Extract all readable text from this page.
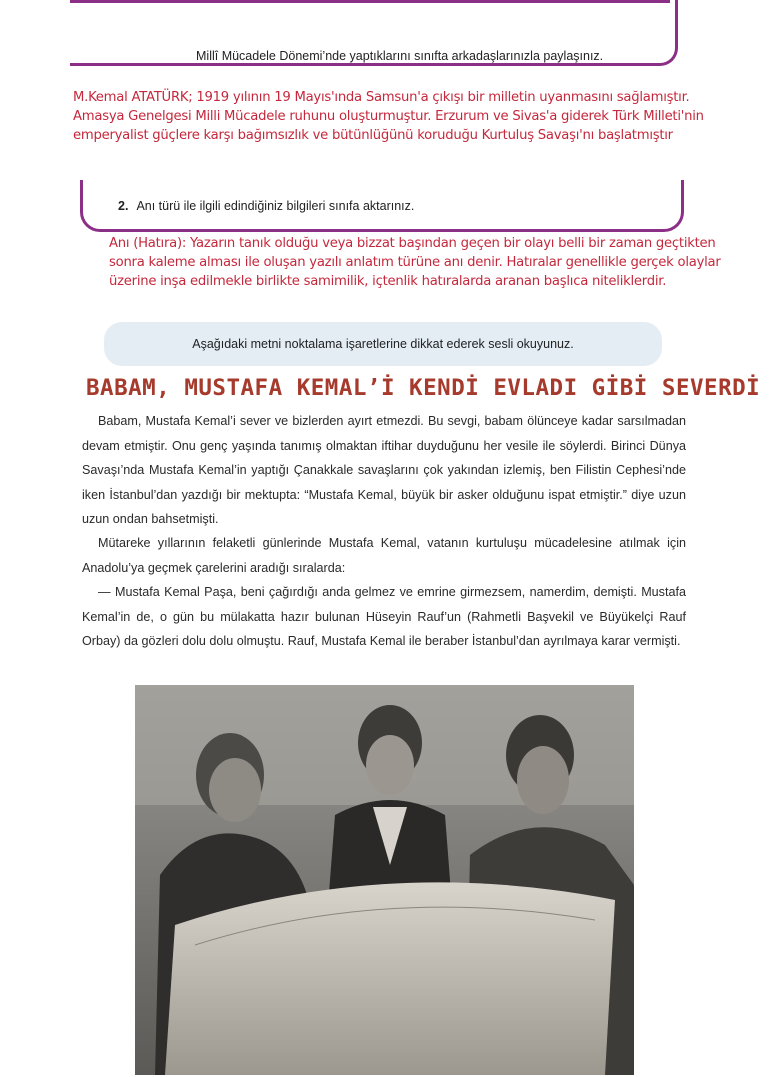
Millî Mücadele Dönemi’nde yaptıklarını sınıfta arkadaşlarınızla paylaşınız.
M.Kemal ATATÜRK; 1919 yılının 19 Mayıs'ında Samsun'a çıkışı bir milletin uyanmasını sağlamıştır. Amasya Genelgesi Milli Mücadele ruhunu oluşturmuştur. Erzurum ve Sivas'a giderek Türk Milleti'nin emperyalist güçlere karşı bağımsızlık ve bütünlüğünü koruduğu Kurtuluş Savaşı'nı başlatmıştır
2. Anı türü ile ilgili edindiğiniz bilgileri sınıfa aktarınız.
Anı (Hatıra): Yazarın tanık olduğu veya bizzat başından geçen bir olayı belli bir zaman geçtikten sonra kaleme alması ile oluşan yazılı anlatım türüne anı denir. Hatıralar genellikle gerçek olaylar üzerine inşa edilmekle birlikte samimilik, içtenlik hatıralarda aranan başlıca niteliklerdir.
Aşağıdaki metni noktalama işaretlerine dikkat ederek sesli okuyunuz.
BABAM, MUSTAFA KEMAL’İ KENDİ EVLADI GİBİ SEVERDİ
Babam, Mustafa Kemal’i sever ve bizlerden ayırt etmezdi. Bu sevgi, babam ölünceye kadar sarsılmadan devam etmiştir. Onu genç yaşında tanımış olmaktan iftihar duyduğunu her vesile ile söylerdi. Birinci Dünya Savaşı’nda Mustafa Kemal’in yaptığı Çanakkale savaşlarını çok yakından izlemiş, ben Filistin Cephesi’nde iken İstanbul’dan yazdığı bir mektupta: “Mustafa Kemal, büyük bir asker olduğunu ispat etmiştir.” diye uzun uzun ondan bahsetmişti.
Mütareke yıllarının felaketli günlerinde Mustafa Kemal, vatanın kurtuluşu mücadelesine atılmak için Anadolu’ya geçmek çarelerini aradığı sıralarda:
— Mustafa Kemal Paşa, beni çağırdığı anda gelmez ve emrine girmezsem, namerdim, demişti. Mustafa Kemal’in de, o gün bu mülakatta hazır bulunan Hüseyin Rauf’un (Rahmetli Başvekil ve Büyükelçi Rauf Orbay) da gözleri dolu dolu olmuştu. Rauf, Mustafa Kemal ile beraber İstanbul’dan ayrılmaya karar vermişti.
